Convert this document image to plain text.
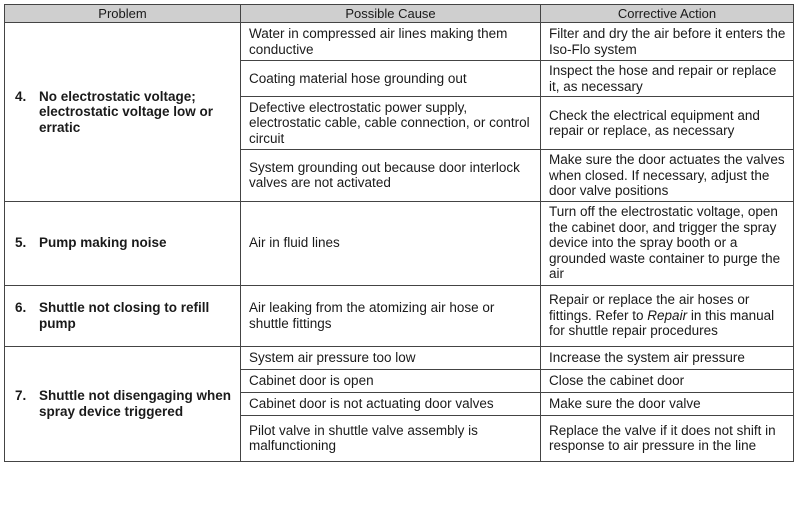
Problem	Possible Cause	Corrective Action

4. No electrostatic voltage; electrostatic voltage low or erratic	Water in compressed air lines making them conductive	Filter and dry the air before it enters the Iso-Flo system
	Coating material hose grounding out	Inspect the hose and repair or replace it, as necessary
	Defective electrostatic power supply, electrostatic cable, cable connection, or control circuit	Check the electrical equipment and repair or replace, as necessary
	System grounding out because door interlock valves are not activated	Make sure the door actuates the valves when closed. If necessary, adjust the door valve positions

5. Pump making noise	Air in fluid lines	Turn off the electrostatic voltage, open the cabinet door, and trigger the spray device into the spray booth or a grounded waste container to purge the air

6. Shuttle not closing to refill pump	Air leaking from the atomizing air hose or shuttle fittings	Repair or replace the air hoses or fittings. Refer to Repair in this manual for shuttle repair procedures

7. Shuttle not disengaging when spray device triggered	System air pressure too low	Increase the system air pressure
	Cabinet door is open	Close the cabinet door
	Cabinet door is not actuating door valves	Make sure the door valve
	Pilot valve in shuttle valve assembly is malfunctioning	Replace the valve if it does not shift in response to air pressure in the line
